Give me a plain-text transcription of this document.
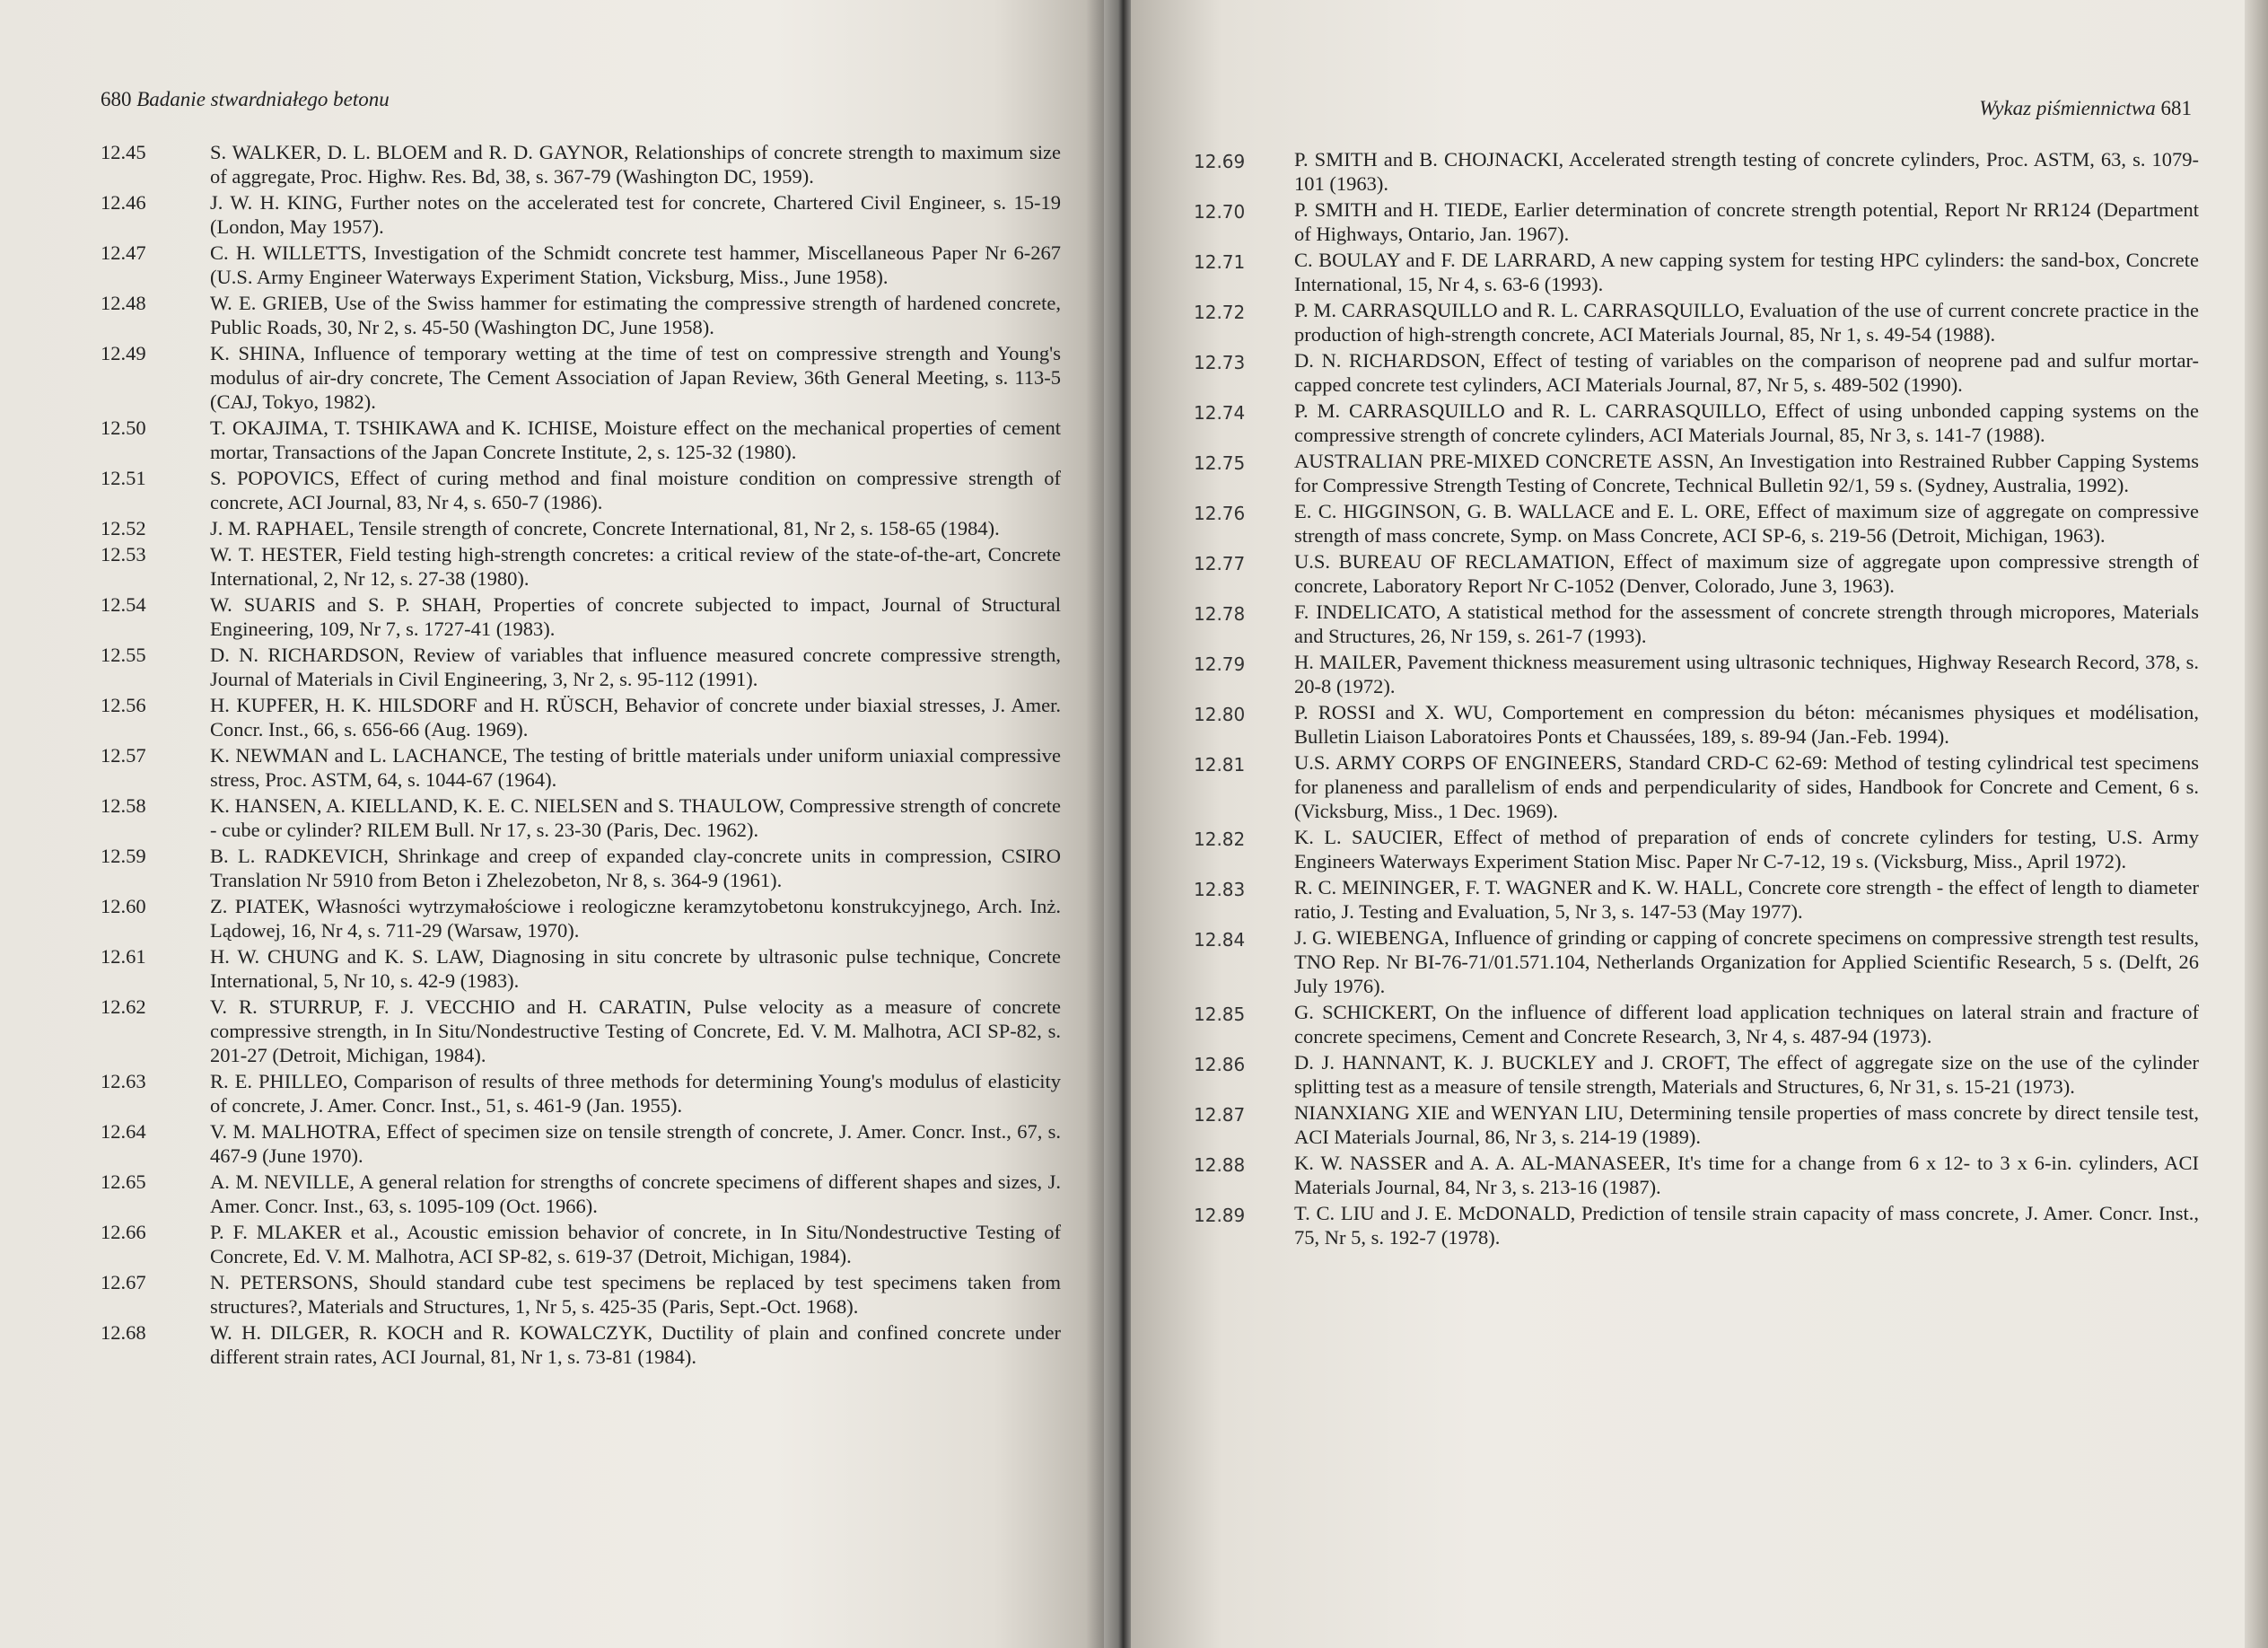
680 Badanie stwardniałego betonu
12.45	S. WALKER, D. L. BLOEM and R. D. GAYNOR, Relationships of concrete strength to maximum size of aggregate, Proc. Highw. Res. Bd, 38, s. 367-79 (Washington DC, 1959).
12.46	J. W. H. KING, Further notes on the accelerated test for concrete, Chartered Civil Engineer, s. 15-19 (London, May 1957).
12.47	C. H. WILLETTS, Investigation of the Schmidt concrete test hammer, Miscellaneous Paper Nr 6-267 (U.S. Army Engineer Waterways Experiment Station, Vicksburg, Miss., June 1958).
12.48	W. E. GRIEB, Use of the Swiss hammer for estimating the compressive strength of hardened concrete, Public Roads, 30, Nr 2, s. 45-50 (Washington DC, June 1958).
12.49	K. SHINA, Influence of temporary wetting at the time of test on compressive strength and Young's modulus of air-dry concrete, The Cement Association of Japan Review, 36th General Meeting, s. 113-5 (CAJ, Tokyo, 1982).
12.50	T. OKAJIMA, T. TSHIKAWA and K. ICHISE, Moisture effect on the mechanical properties of cement mortar, Transactions of the Japan Concrete Institute, 2, s. 125-32 (1980).
12.51	S. POPOVICS, Effect of curing method and final moisture condition on compressive strength of concrete, ACI Journal, 83, Nr 4, s. 650-7 (1986).
12.52	J. M. RAPHAEL, Tensile strength of concrete, Concrete International, 81, Nr 2, s. 158-65 (1984).
12.53	W. T. HESTER, Field testing high-strength concretes: a critical review of the state-of-the-art, Concrete International, 2, Nr 12, s. 27-38 (1980).
12.54	W. SUARIS and S. P. SHAH, Properties of concrete subjected to impact, Journal of Structural Engineering, 109, Nr 7, s. 1727-41 (1983).
12.55	D. N. RICHARDSON, Review of variables that influence measured concrete compressive strength, Journal of Materials in Civil Engineering, 3, Nr 2, s. 95-112 (1991).
12.56	H. KUPFER, H. K. HILSDORF and H. RÜSCH, Behavior of concrete under biaxial stresses, J. Amer. Concr. Inst., 66, s. 656-66 (Aug. 1969).
12.57	K. NEWMAN and L. LACHANCE, The testing of brittle materials under uniform uniaxial compressive stress, Proc. ASTM, 64, s. 1044-67 (1964).
12.58	K. HANSEN, A. KIELLAND, K. E. C. NIELSEN and S. THAULOW, Compressive strength of concrete - cube or cylinder? RILEM Bull. Nr 17, s. 23-30 (Paris, Dec. 1962).
12.59	B. L. RADKEVICH, Shrinkage and creep of expanded clay-concrete units in compression, CSIRO Translation Nr 5910 from Beton i Zhelezobeton, Nr 8, s. 364-9 (1961).
12.60	Z. PIATEK, Własności wytrzymałościowe i reologiczne keramzytobetonu konstrukcyjnego, Arch. Inż. Lądowej, 16, Nr 4, s. 711-29 (Warsaw, 1970).
12.61	H. W. CHUNG and K. S. LAW, Diagnosing in situ concrete by ultrasonic pulse technique, Concrete International, 5, Nr 10, s. 42-9 (1983).
12.62	V. R. STURRUP, F. J. VECCHIO and H. CARATIN, Pulse velocity as a measure of concrete compressive strength, in In Situ/Nondestructive Testing of Concrete, Ed. V. M. Malhotra, ACI SP-82, s. 201-27 (Detroit, Michigan, 1984).
12.63	R. E. PHILLEO, Comparison of results of three methods for determining Young's modulus of elasticity of concrete, J. Amer. Concr. Inst., 51, s. 461-9 (Jan. 1955).
12.64	V. M. MALHOTRA, Effect of specimen size on tensile strength of concrete, J. Amer. Concr. Inst., 67, s. 467-9 (June 1970).
12.65	A. M. NEVILLE, A general relation for strengths of concrete specimens of different shapes and sizes, J. Amer. Concr. Inst., 63, s. 1095-109 (Oct. 1966).
12.66	P. F. MLAKER et al., Acoustic emission behavior of concrete, in In Situ/Nondestructive Testing of Concrete, Ed. V. M. Malhotra, ACI SP-82, s. 619-37 (Detroit, Michigan, 1984).
12.67	N. PETERSONS, Should standard cube test specimens be replaced by test specimens taken from structures?, Materials and Structures, 1, Nr 5, s. 425-35 (Paris, Sept.-Oct. 1968).
12.68	W. H. DILGER, R. KOCH and R. KOWALCZYK, Ductility of plain and confined concrete under different strain rates, ACI Journal, 81, Nr 1, s. 73-81 (1984).
Wykaz piśmiennictwa 681
12.69	P. SMITH and B. CHOJNACKI, Accelerated strength testing of concrete cylinders, Proc. ASTM, 63, s. 1079-101 (1963).
12.70	P. SMITH and H. TIEDE, Earlier determination of concrete strength potential, Report Nr RR124 (Department of Highways, Ontario, Jan. 1967).
12.71	C. BOULAY and F. DE LARRARD, A new capping system for testing HPC cylinders: the sand-box, Concrete International, 15, Nr 4, s. 63-6 (1993).
12.72	P. M. CARRASQUILLO and R. L. CARRASQUILLO, Evaluation of the use of current concrete practice in the production of high-strength concrete, ACI Materials Journal, 85, Nr 1, s. 49-54 (1988).
12.73	D. N. RICHARDSON, Effect of testing of variables on the comparison of neoprene pad and sulfur mortar-capped concrete test cylinders, ACI Materials Journal, 87, Nr 5, s. 489-502 (1990).
12.74	P. M. CARRASQUILLO and R. L. CARRASQUILLO, Effect of using unbonded capping systems on the compressive strength of concrete cylinders, ACI Materials Journal, 85, Nr 3, s. 141-7 (1988).
12.75	AUSTRALIAN PRE-MIXED CONCRETE ASSN, An Investigation into Restrained Rubber Capping Systems for Compressive Strength Testing of Concrete, Technical Bulletin 92/1, 59 s. (Sydney, Australia, 1992).
12.76	E. C. HIGGINSON, G. B. WALLACE and E. L. ORE, Effect of maximum size of aggregate on compressive strength of mass concrete, Symp. on Mass Concrete, ACI SP-6, s. 219-56 (Detroit, Michigan, 1963).
12.77	U.S. BUREAU OF RECLAMATION, Effect of maximum size of aggregate upon compressive strength of concrete, Laboratory Report Nr C-1052 (Denver, Colorado, June 3, 1963).
12.78	F. INDELICATO, A statistical method for the assessment of concrete strength through micropores, Materials and Structures, 26, Nr 159, s. 261-7 (1993).
12.79	H. MAILER, Pavement thickness measurement using ultrasonic techniques, Highway Research Record, 378, s. 20-8 (1972).
12.80	P. ROSSI and X. WU, Comportement en compression du béton: mécanismes physiques et modélisation, Bulletin Liaison Laboratoires Ponts et Chaussées, 189, s. 89-94 (Jan.-Feb. 1994).
12.81	U.S. ARMY CORPS OF ENGINEERS, Standard CRD-C 62-69: Method of testing cylindrical test specimens for planeness and parallelism of ends and perpendicularity of sides, Handbook for Concrete and Cement, 6 s. (Vicksburg, Miss., 1 Dec. 1969).
12.82	K. L. SAUCIER, Effect of method of preparation of ends of concrete cylinders for testing, U.S. Army Engineers Waterways Experiment Station Misc. Paper Nr C-7-12, 19 s. (Vicksburg, Miss., April 1972).
12.83	R. C. MEININGER, F. T. WAGNER and K. W. HALL, Concrete core strength - the effect of length to diameter ratio, J. Testing and Evaluation, 5, Nr 3, s. 147-53 (May 1977).
12.84	J. G. WIEBENGA, Influence of grinding or capping of concrete specimens on compressive strength test results, TNO Rep. Nr BI-76-71/01.571.104, Netherlands Organization for Applied Scientific Research, 5 s. (Delft, 26 July 1976).
12.85	G. SCHICKERT, On the influence of different load application techniques on lateral strain and fracture of concrete specimens, Cement and Concrete Research, 3, Nr 4, s. 487-94 (1973).
12.86	D. J. HANNANT, K. J. BUCKLEY and J. CROFT, The effect of aggregate size on the use of the cylinder splitting test as a measure of tensile strength, Materials and Structures, 6, Nr 31, s. 15-21 (1973).
12.87	NIANXIANG XIE and WENYAN LIU, Determining tensile properties of mass concrete by direct tensile test, ACI Materials Journal, 86, Nr 3, s. 214-19 (1989).
12.88	K. W. NASSER and A. A. AL-MANASEER, It's time for a change from 6 x 12- to 3 x 6-in. cylinders, ACI Materials Journal, 84, Nr 3, s. 213-16 (1987).
12.89	T. C. LIU and J. E. McDONALD, Prediction of tensile strain capacity of mass concrete, J. Amer. Concr. Inst., 75, Nr 5, s. 192-7 (1978).
